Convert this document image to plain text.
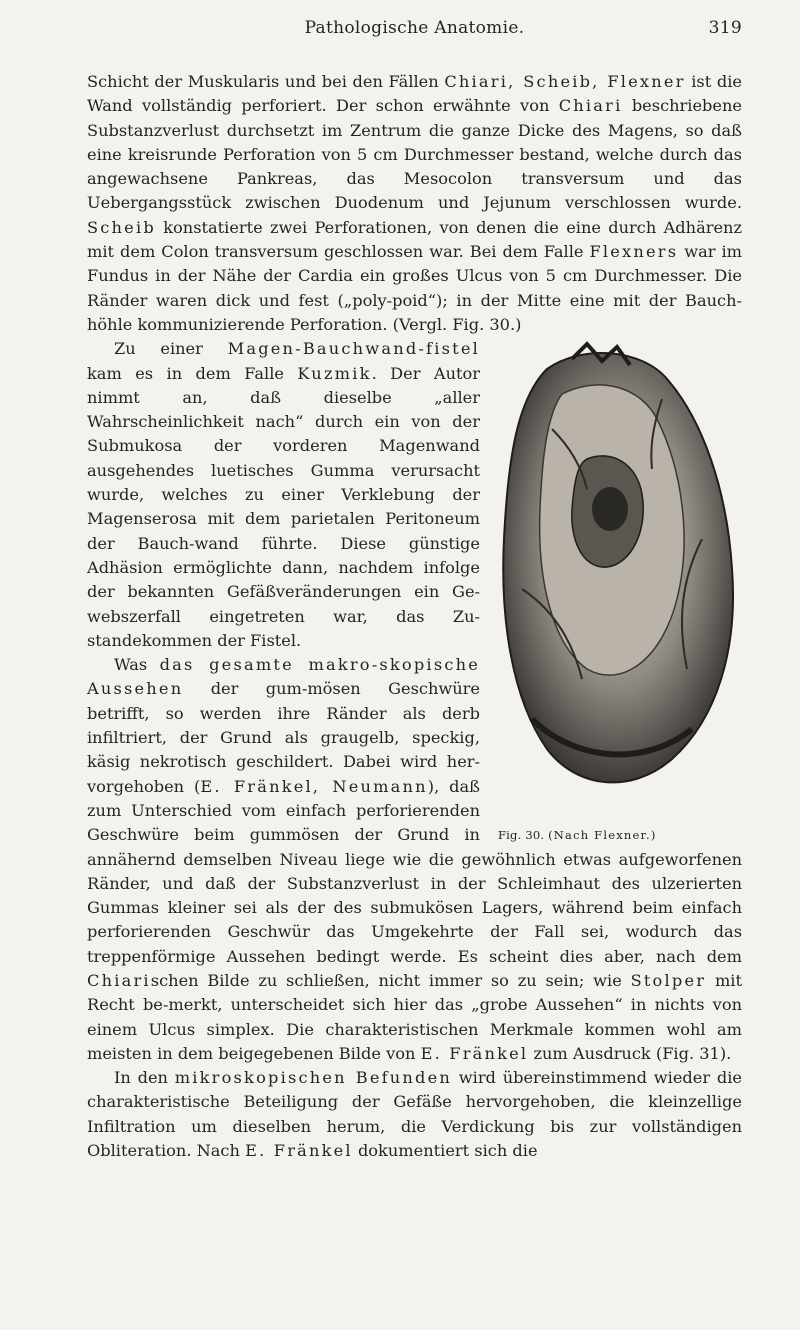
Pathologische Anatomie.	319

Schicht der Muskularis und bei den Fällen Chiari, Scheib, Flexner ist die Wand vollständig perforiert. Der schon erwähnte von Chiari beschriebene Substanzverlust durchsetzt im Zentrum die ganze Dicke des Magens, so daß eine kreisrunde Perforation von 5 cm Durchmesser bestand, welche durch das angewachsene Pankreas, das Mesocolon transversum und das Uebergangsstück zwischen Duodenum und Jejunum verschlossen wurde. Scheib konstatierte zwei Perforationen, von denen die eine durch Adhärenz mit dem Colon transversum geschlossen war. Bei dem Falle Flexners war im Fundus in der Nähe der Cardia ein großes Ulcus von 5 cm Durchmesser. Die Ränder waren dick und fest („poly-poid“); in der Mitte eine mit der Bauch-höhle kommunizierende Perforation. (Vergl. Fig. 30.)

Fig. 30. (Nach Flexner.)

Zu einer Magen-Bauchwand-fistel kam es in dem Falle Kuzmik. Der Autor nimmt an, daß dieselbe „aller Wahrscheinlichkeit nach“ durch ein von der Submukosa der vorderen Magenwand ausgehendes luetisches Gumma verursacht wurde, welches zu einer Verklebung der Magenserosa mit dem parietalen Peritoneum der Bauch-wand führte. Diese günstige Adhäsion ermöglichte dann, nachdem infolge der bekannten Gefäßveränderungen ein Ge-webszerfall eingetreten war, das Zu-standekommen der Fistel.

Was das gesamte makro-skopische Aussehen der gum-mösen Geschwüre betrifft, so werden ihre Ränder als derb infiltriert, der Grund als graugelb, speckig, käsig nekrotisch geschildert. Dabei wird her-vorgehoben (E. Fränkel, Neumann), daß zum Unterschied vom einfach perforierenden Geschwüre beim gummösen der Grund in annähernd demselben Niveau liege wie die gewöhnlich etwas aufgeworfenen Ränder, und daß der Substanzverlust in der Schleimhaut des ulzerierten Gummas kleiner sei als der des submukösen Lagers, während beim einfach perforierenden Geschwür das Umgekehrte der Fall sei, wodurch das treppenförmige Aussehen bedingt werde. Es scheint dies aber, nach dem Chiarischen Bilde zu schließen, nicht immer so zu sein; wie Stolper mit Recht be-merkt, unterscheidet sich hier das „grobe Aussehen“ in nichts von einem Ulcus simplex. Die charakteristischen Merkmale kommen wohl am meisten in dem beigegebenen Bilde von E. Fränkel zum Ausdruck (Fig. 31).

In den mikroskopischen Befunden wird übereinstimmend wieder die charakteristische Beteiligung der Gefäße hervorgehoben, die kleinzellige Infiltration um dieselben herum, die Verdickung bis zur vollständigen Obliteration. Nach E. Fränkel dokumentiert sich die
